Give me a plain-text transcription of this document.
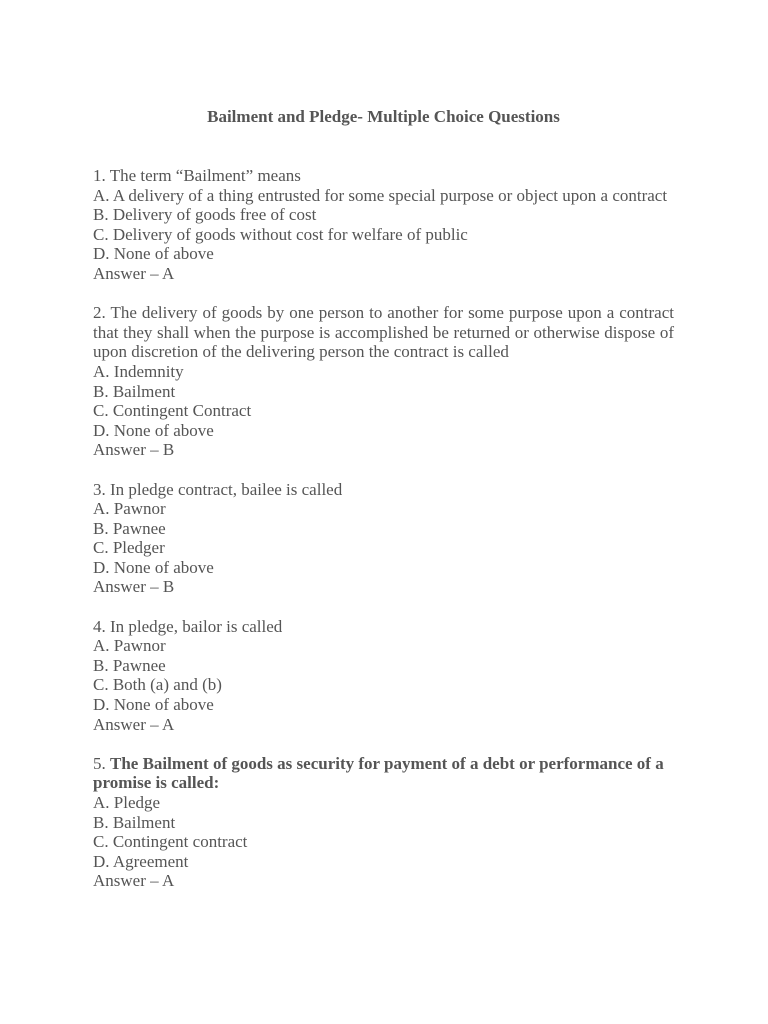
Bailment and Pledge- Multiple Choice Questions

1. The term “Bailment” means

A. A delivery of a thing entrusted for some special purpose or object upon a contract

B. Delivery of goods free of cost

C. Delivery of goods without cost for welfare of public

D. None of above

Answer – A

2. The delivery of goods by one person to another for some purpose upon a contract that they shall when the purpose is accomplished be returned or otherwise dispose of upon discretion of the delivering person the contract is called

A. Indemnity

B. Bailment

C. Contingent Contract

D. None of above

Answer – B

3. In pledge contract, bailee is called

A. Pawnor

B. Pawnee

C. Pledger

D. None of above

Answer – B

4. In pledge, bailor is called

A. Pawnor

B. Pawnee

C. Both (a) and (b)

D. None of above

Answer – A

5. The Bailment of goods as security for payment of a debt or performance of a promise is called:

A. Pledge

B. Bailment

C. Contingent contract

D. Agreement

Answer – A
